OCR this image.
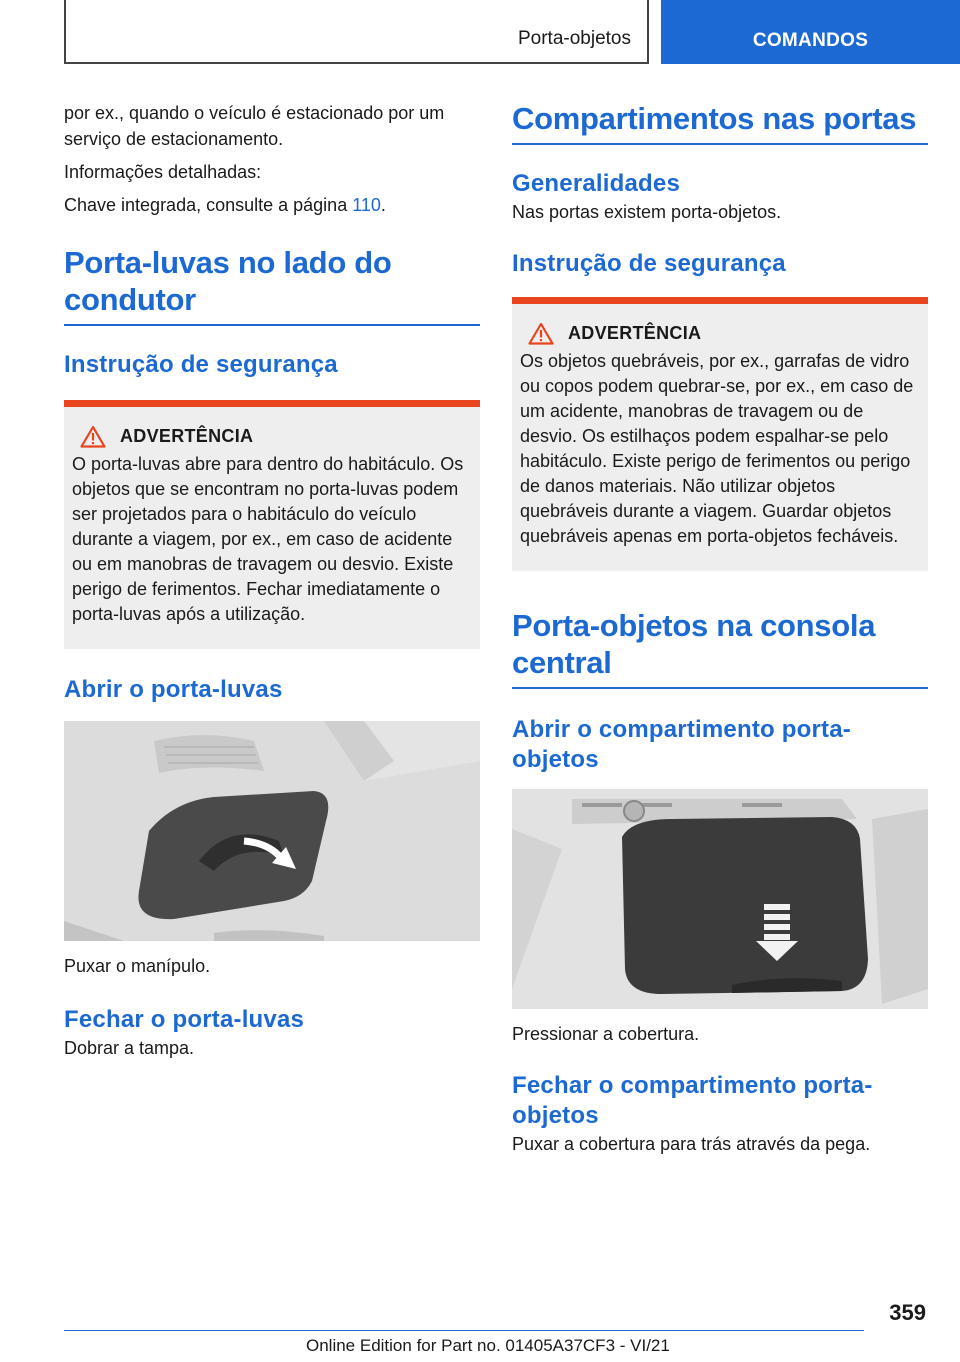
Porta-objetos	COMANDOS

por ex., quando o veículo é estacionado por um serviço de estacionamento.

Informações detalhadas:

Chave integrada, consulte a página 110.

Porta-luvas no lado do condutor
Instrução de segurança
ADVERTÊNCIA

O porta-luvas abre para dentro do habitáculo. Os objetos que se encontram no porta-luvas podem ser projetados para o habitáculo do veículo durante a viagem, por ex., em caso de acidente ou em manobras de travagem ou desvio. Existe perigo de ferimentos. Fechar imediatamente o porta-luvas após a utilização.

Abrir o porta-luvas

Puxar o manípulo.

Fechar o porta-luvas

Dobrar a tampa.

Compartimentos nas portas
Generalidades

Nas portas existem porta-objetos.

Instrução de segurança
ADVERTÊNCIA

Os objetos quebráveis, por ex., garrafas de vidro ou copos podem quebrar-se, por ex., em caso de um acidente, manobras de travagem ou de desvio. Os estilhaços podem espalhar-se pelo habitáculo. Existe perigo de ferimentos ou perigo de danos materiais. Não utilizar objetos quebráveis durante a viagem. Guardar objetos quebráveis apenas em porta-objetos fecháveis.

Porta-objetos na consola central
Abrir o compartimento porta-objetos

Pressionar a cobertura.

Fechar o compartimento porta-objetos

Puxar a cobertura para trás através da pega.

359
Online Edition for Part no. 01405A37CF3 - VI/21
